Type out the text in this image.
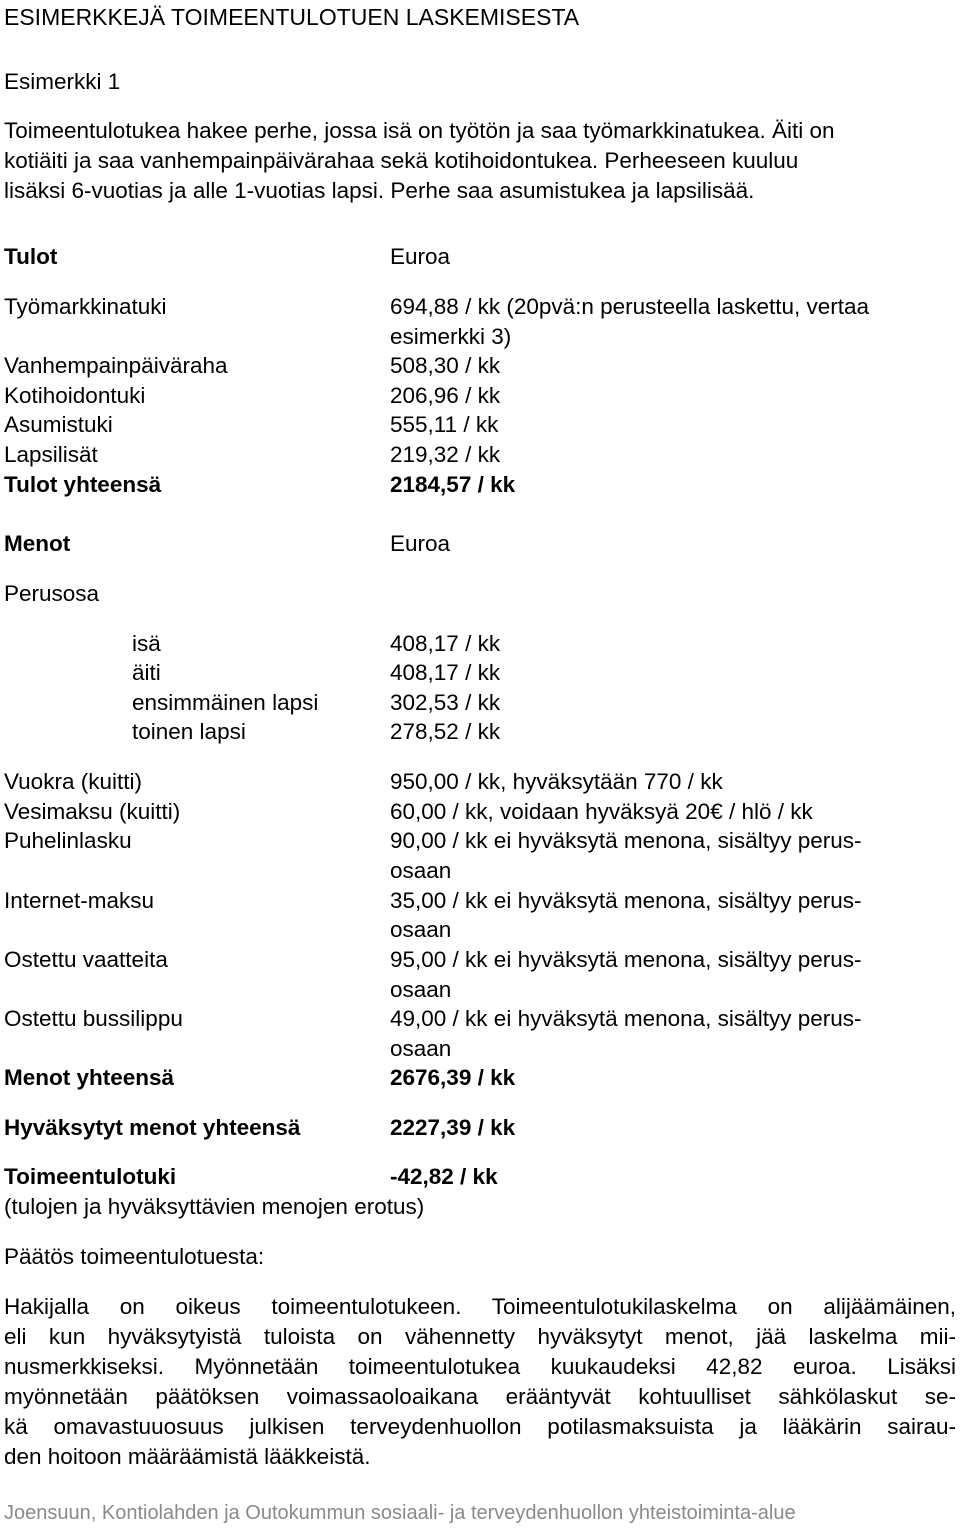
ESIMERKKEJÄ TOIMEENTULOTUEN LASKEMISESTA
Esimerkki 1
Toimeentulotukea hakee perhe, jossa isä on työtön ja saa työmarkkinatukea. Äiti on
kotiäiti ja saa vanhempainpäivärahaa sekä kotihoidontukea. Perheeseen kuuluu
lisäksi 6-vuotias ja alle 1-vuotias lapsi. Perhe saa asumistukea ja lapsilisää.
Tulot	Euroa
Työmarkkinatuki	694,88 / kk (20pvä:n perusteella laskettu, vertaa
esimerkki 3)
Vanhempainpäiväraha	508,30 / kk
Kotihoidontuki	206,96 / kk
Asumistuki	555,11 / kk
Lapsilisät	219,32 / kk
Tulot yhteensä	2184,57 / kk
Menot	Euroa
Perusosa
isä	408,17 / kk
äiti	408,17 / kk
ensimmäinen lapsi	302,53 / kk
toinen lapsi	278,52 / kk
Vuokra (kuitti)	950,00 / kk, hyväksytään 770 / kk
Vesimaksu (kuitti)	60,00 / kk, voidaan hyväksyä 20€ / hlö / kk
Puhelinlasku	90,00 / kk ei hyväksytä menona, sisältyy perus-
osaan
Internet-maksu	35,00 / kk ei hyväksytä menona, sisältyy perus-
osaan
Ostettu vaatteita	95,00 / kk ei hyväksytä menona, sisältyy perus-
osaan
Ostettu bussilippu	49,00 / kk ei hyväksytä menona, sisältyy perus-
osaan
Menot yhteensä	2676,39 / kk
Hyväksytyt menot yhteensä	2227,39 / kk
Toimeentulotuki	-42,82 / kk
(tulojen ja hyväksyttävien menojen erotus)
Päätös toimeentulotuesta:
Hakijalla on oikeus toimeentulotukeen. Toimeentulotukilaskelma on alijäämäinen,
eli kun hyväksytyistä tuloista on vähennetty hyväksytyt menot, jää laskelma mii-
nusmerkkiseksi. Myönnetään toimeentulotukea kuukaudeksi 42,82 euroa. Lisäksi
myönnetään päätöksen voimassaoloaikana erääntyvät kohtuulliset sähkölaskut se-
kä omavastuuosuus julkisen terveydenhuollon potilasmaksuista ja lääkärin sairau-
den hoitoon määräämistä lääkkeistä.
Joensuun, Kontiolahden ja Outokummun sosiaali- ja terveydenhuollon yhteistoiminta-alue
